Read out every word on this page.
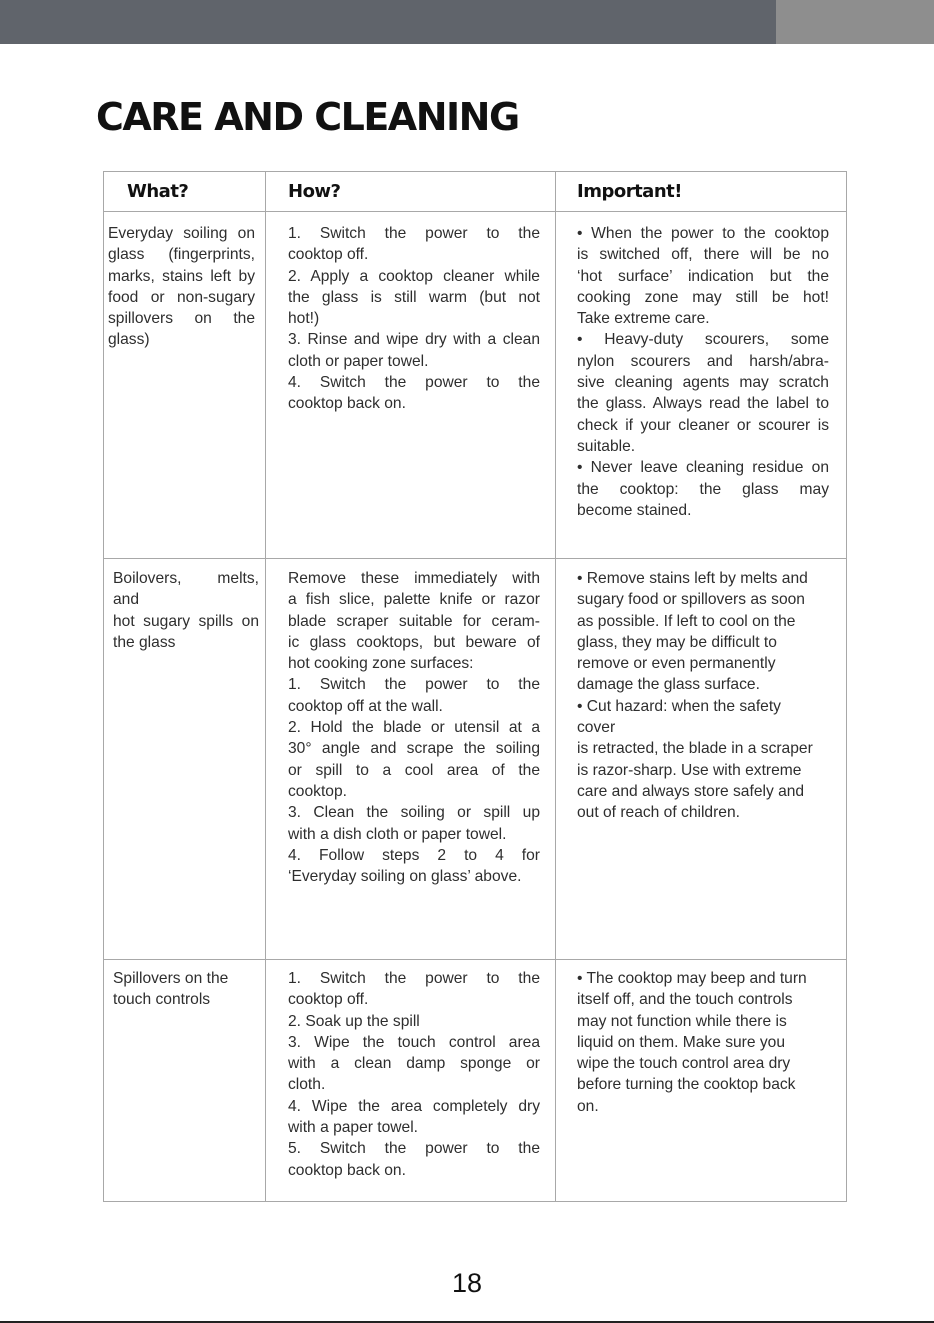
CARE AND CLEANING
What?	How?	Important!

Everyday soiling on

glass (fingerprints,

marks, stains left by

food or non-sugary

spillovers on the

glass)

1. Switch the power to the

cooktop off.

2. Apply a cooktop cleaner while

the glass is still warm (but not

hot!)

3. Rinse and wipe dry with a clean

cloth or paper towel.

4. Switch the power to the

cooktop back on.

• When the power to the cooktop

is switched off, there will be no

‘hot surface’ indication but the

cooking zone may still be hot!

Take extreme care.

• Heavy-duty scourers, some

nylon scourers and harsh/abra-

sive cleaning agents may scratch

the glass. Always read the label to

check if your cleaner or scourer is

suitable.

• Never leave cleaning residue on

the cooktop: the glass may

become stained.

Boilovers, melts,

and

hot sugary spills on

the glass

Remove these immediately with

a fish slice, palette knife or razor

blade scraper suitable for ceram-

ic glass cooktops, but beware of

hot cooking zone surfaces:

1. Switch the power to the

cooktop off at the wall.

2. Hold the blade or utensil at a

30° angle and scrape the soiling

or spill to a cool area of the

cooktop.

3. Clean the soiling or spill up

with a dish cloth or paper towel.

4. Follow steps 2 to 4 for

‘Everyday soiling on glass’ above.

• Remove stains left by melts and

sugary food or spillovers as soon

as possible. If left to cool on the

glass, they may be difficult to

remove or even permanently

damage the glass surface.

• Cut hazard: when the safety

cover

is retracted, the blade in a scraper

is razor-sharp. Use with extreme

care and always store safely and

out of reach of children.

Spillovers on the

touch controls

1. Switch the power to the

cooktop off.

2. Soak up the spill

3. Wipe the touch control area

with a clean damp sponge or

cloth.

4. Wipe the area completely dry

with a paper towel.

5. Switch the power to the

cooktop back on.

• The cooktop may beep and turn

itself off, and the touch controls

may not function while there is

liquid on them. Make sure you

wipe the touch control area dry

before turning the cooktop back

on.

18
